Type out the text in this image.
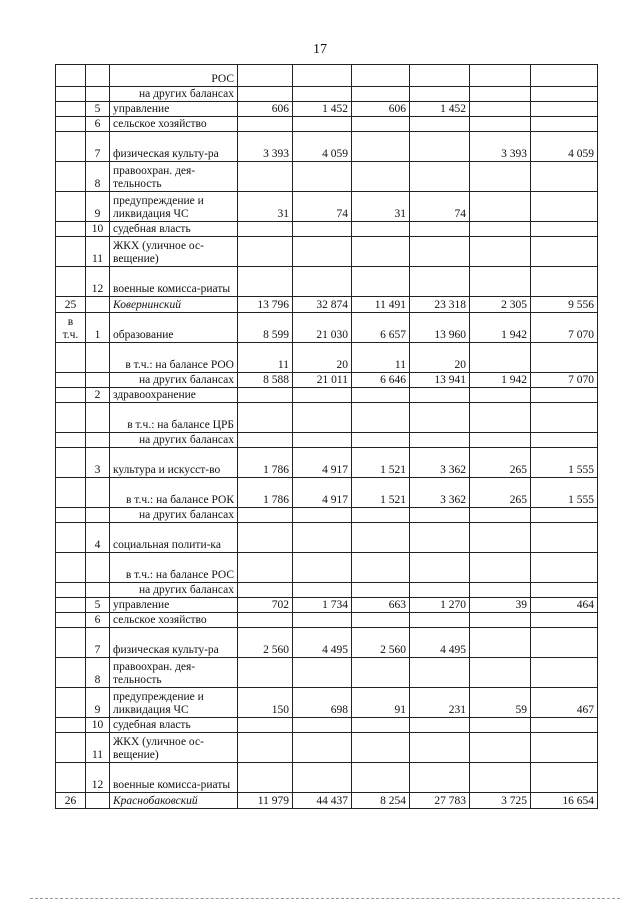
17
		РОС						
		на других балансах						
	5	управление	606	1 452	606	1 452		
	6	сельское хозяйство						
	7	физическая культу-ра	3 393	4 059			3 393	4 059
	8	правоохран. дея-тельность						
	9	предупреждение и ликвидация ЧС	31	74	31	74		
	10	судебная власть						
	11	ЖКХ (уличное ос-вещение)						
	12	военные комисса-риаты						
25		Ковернинский	13 796	32 874	11 491	23 318	2 305	9 556
в т.ч.	1	образование	8 599	21 030	6 657	13 960	1 942	7 070
		в т.ч.: на балансе РОО	11	20	11	20		
		на других балансах	8 588	21 011	6 646	13 941	1 942	7 070
	2	здравоохранение						
		в т.ч.: на балансе ЦРБ						
		на других балансах						
	3	культура и искусст-во	1 786	4 917	1 521	3 362	265	1 555
		в т.ч.: на балансе РОК	1 786	4 917	1 521	3 362	265	1 555
		на других балансах						
	4	социальная полити-ка						
		в т.ч.: на балансе РОС						
		на других балансах						
	5	управление	702	1 734	663	1 270	39	464
	6	сельское хозяйство						
	7	физическая культу-ра	2 560	4 495	2 560	4 495		
	8	правоохран. дея-тельность						
	9	предупреждение и ликвидация ЧС	150	698	91	231	59	467
	10	судебная власть						
	11	ЖКХ (уличное ос-вещение)						
	12	военные комисса-риаты						
26		Краснобаковский	11 979	44 437	8 254	27 783	3 725	16 654
